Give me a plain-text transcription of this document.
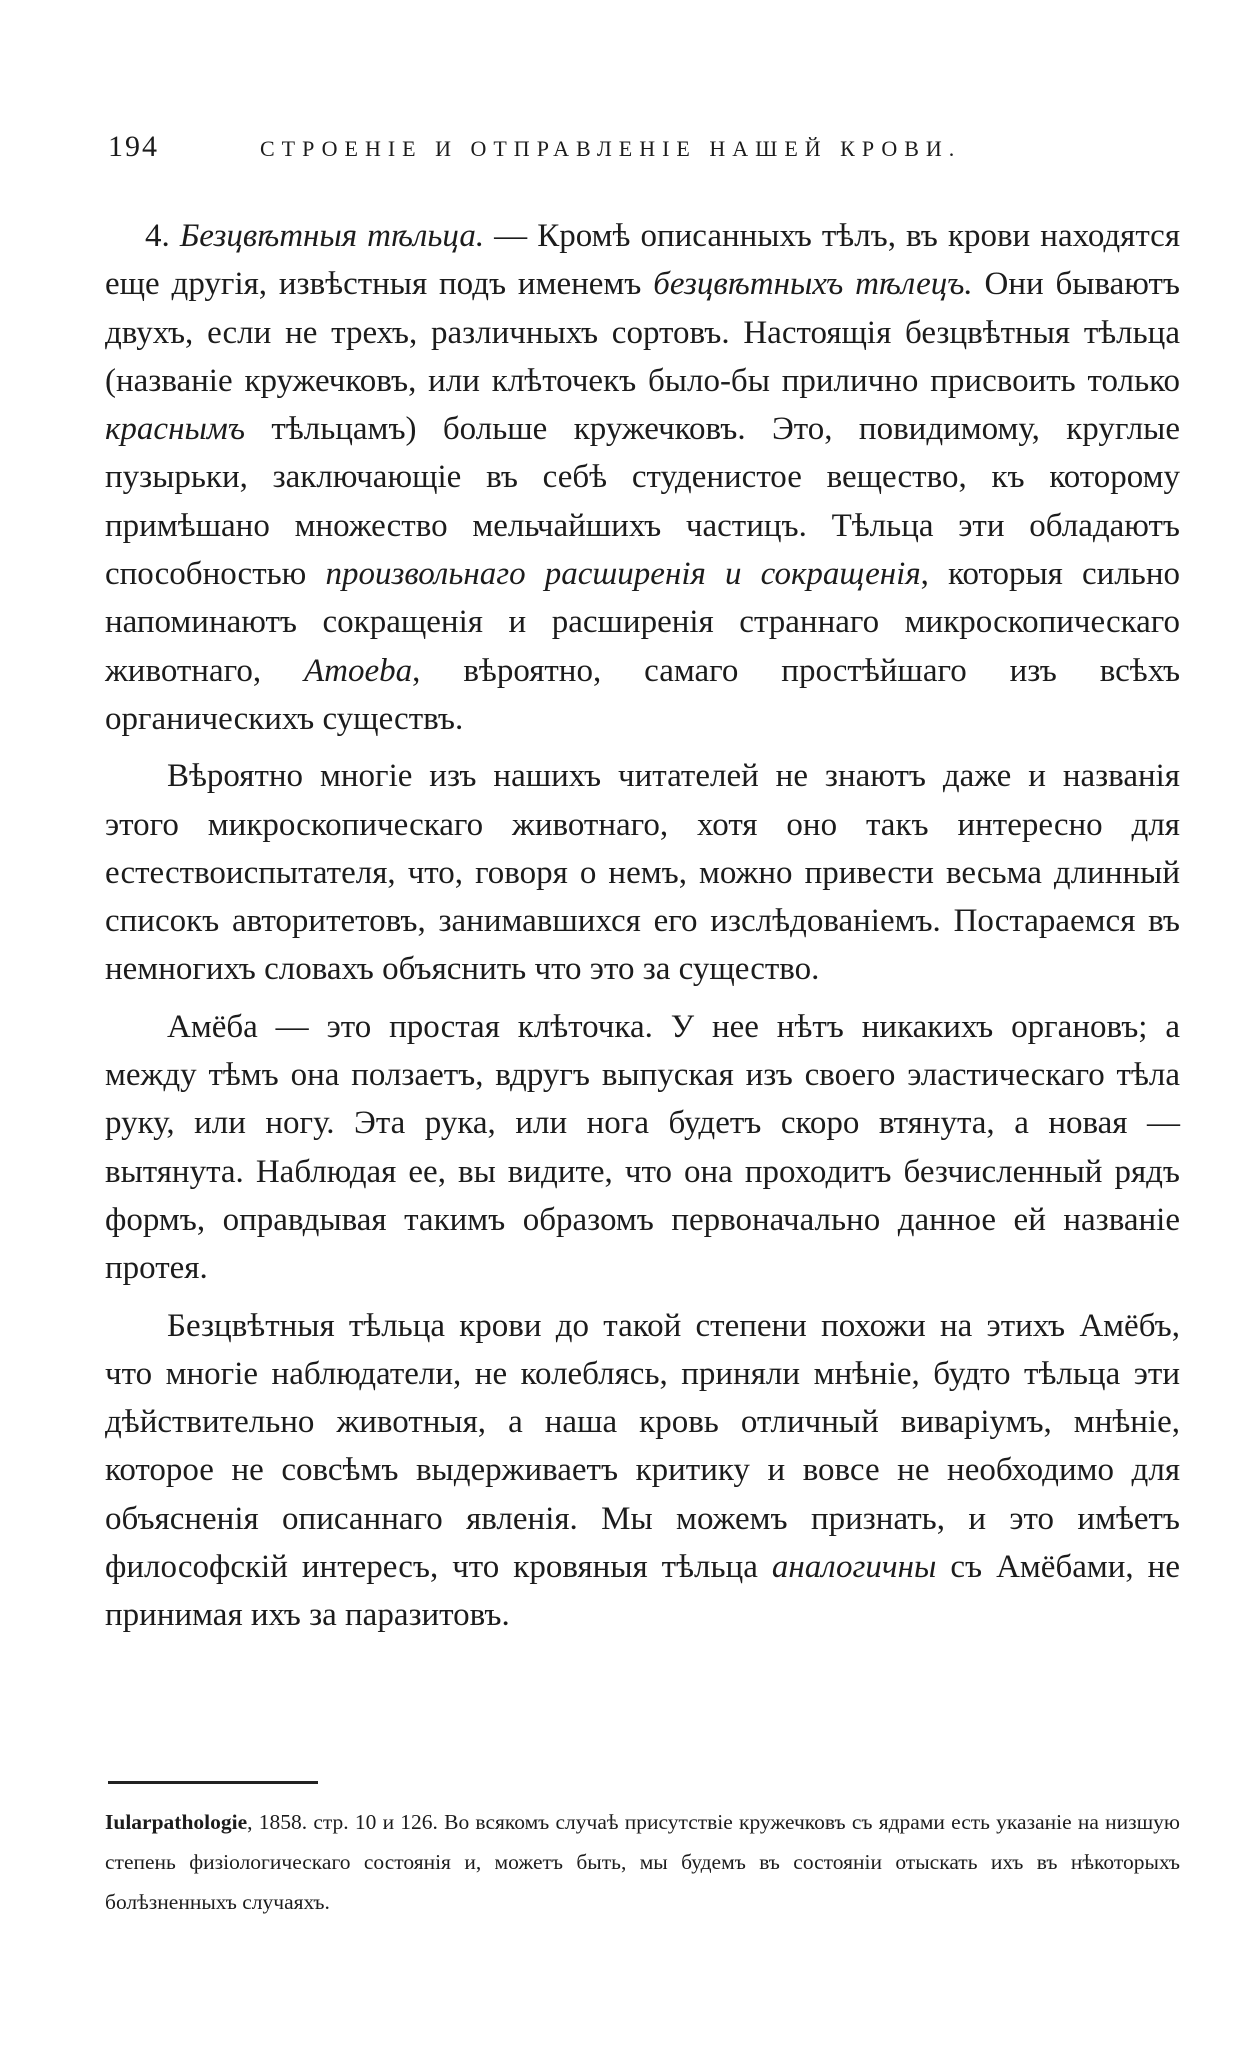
194	СТРОЕНІЕ И ОТПРАВЛЕНІЕ НАШЕЙ КРОВИ.

4. Безцвѣтныя тѣльца. — Кромѣ описанныхъ тѣлъ, въ крови находятся еще другія, извѣстныя подъ именемъ безцвѣтныхъ тѣлецъ. Они бываютъ двухъ, если не трехъ, различныхъ сортовъ. Настоящія безцвѣтныя тѣльца (названіе кружечковъ, или клѣточекъ было-бы прилично присвоить только краснымъ тѣльцамъ) больше кружечковъ. Это, повидимому, круглые пузырьки, заключающіе въ себѣ студенистое вещество, къ которому примѣшано множество мельчайшихъ частицъ. Тѣльца эти обладаютъ способностью произвольнаго расширенія и сокращенія, которыя сильно напоминаютъ сокращенія и расширенія страннаго микроскопическаго животнаго, Amoeba, вѣроятно, самаго простѣйшаго изъ всѣхъ органическихъ существъ.

Вѣроятно многіе изъ нашихъ читателей не знаютъ даже и названія этого микроскопическаго животнаго, хотя оно такъ интересно для естествоиспытателя, что, говоря о немъ, можно привести весьма длинный списокъ авторитетовъ, занимавшихся его изслѣдованіемъ. Постараемся въ немногихъ словахъ объяснить что это за существо.

Амёба — это простая клѣточка. У нее нѣтъ никакихъ органовъ; а между тѣмъ она ползаетъ, вдругъ выпуская изъ своего эластическаго тѣла руку, или ногу. Эта рука, или нога будетъ скоро втянута, а новая — вытянута. Наблюдая ее, вы видите, что она проходитъ безчисленный рядъ формъ, оправдывая такимъ образомъ первоначально данное ей названіе протея.

Безцвѣтныя тѣльца крови до такой степени похожи на этихъ Амёбъ, что многіе наблюдатели, не колеблясь, приняли мнѣніе, будто тѣльца эти дѣйствительно животныя, а наша кровь отличный виваріумъ, мнѣніе, которое не совсѣмъ выдерживаетъ критику и вовсе не необходимо для объясненія описаннаго явленія. Мы можемъ признать, и это имѣетъ философскій интересъ, что кровяныя тѣльца аналогичны съ Амёбами, не принимая ихъ за паразитовъ.

Iularpathologie, 1858. стр. 10 и 126. Во всякомъ случаѣ присутствіе кружечковъ съ ядрами есть указаніе на низшую степень физіологическаго состоянія и, можетъ быть, мы будемъ въ состояніи отыскать ихъ въ нѣкоторыхъ болѣзненныхъ случаяхъ.
